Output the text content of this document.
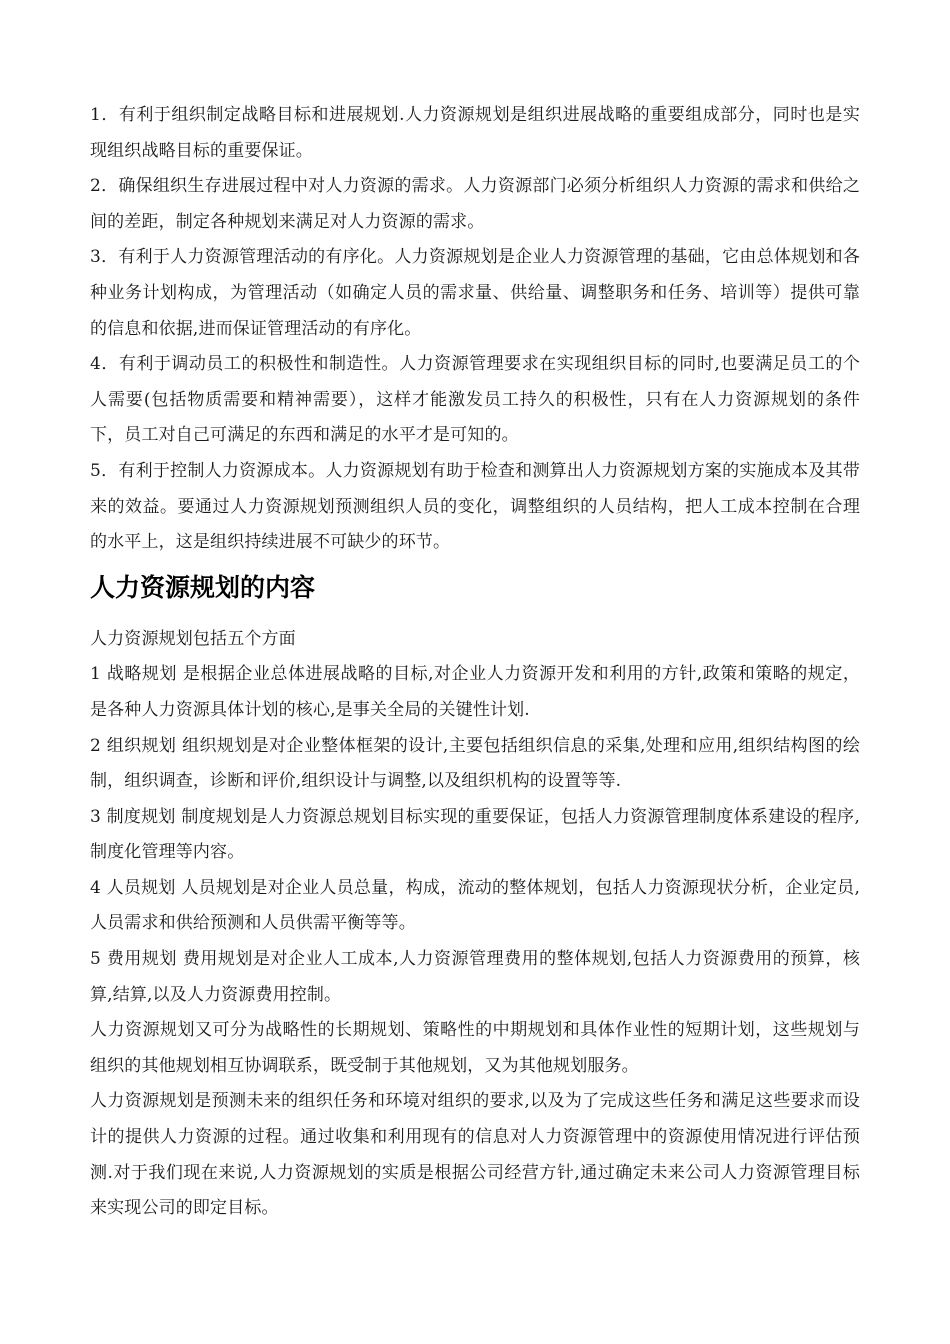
1．有利于组织制定战略目标和进展规划.人力资源规划是组织进展战略的重要组成部分，同时也是实现组织战略目标的重要保证。

2．确保组织生存进展过程中对人力资源的需求。人力资源部门必须分析组织人力资源的需求和供给之间的差距，制定各种规划来满足对人力资源的需求。

3．有利于人力资源管理活动的有序化。人力资源规划是企业人力资源管理的基础，它由总体规划和各种业务计划构成，为管理活动（如确定人员的需求量、供给量、调整职务和任务、培训等）提供可靠的信息和依据,进而保证管理活动的有序化。

4．有利于调动员工的积极性和制造性。人力资源管理要求在实现组织目标的同时,也要满足员工的个人需要(包括物质需要和精神需要），这样才能激发员工持久的积极性，只有在人力资源规划的条件下，员工对自己可满足的东西和满足的水平才是可知的。

5．有利于控制人力资源成本。人力资源规划有助于检查和测算出人力资源规划方案的实施成本及其带来的效益。要通过人力资源规划预测组织人员的变化，调整组织的人员结构，把人工成本控制在合理的水平上，这是组织持续进展不可缺少的环节。

人力资源规划的内容

人力资源规划包括五个方面

1 战略规划 是根据企业总体进展战略的目标,对企业人力资源开发和利用的方针,政策和策略的规定，是各种人力资源具体计划的核心,是事关全局的关键性计划.

2 组织规划 组织规划是对企业整体框架的设计,主要包括组织信息的采集,处理和应用,组织结构图的绘制，组织调查，诊断和评价,组织设计与调整,以及组织机构的设置等等.

3 制度规划 制度规划是人力资源总规划目标实现的重要保证，包括人力资源管理制度体系建设的程序,制度化管理等内容。

4 人员规划 人员规划是对企业人员总量，构成，流动的整体规划，包括人力资源现状分析，企业定员,人员需求和供给预测和人员供需平衡等等。

5 费用规划 费用规划是对企业人工成本,人力资源管理费用的整体规划,包括人力资源费用的预算，核算,结算,以及人力资源费用控制。

人力资源规划又可分为战略性的长期规划、策略性的中期规划和具体作业性的短期计划，这些规划与组织的其他规划相互协调联系，既受制于其他规划，又为其他规划服务。

人力资源规划是预测未来的组织任务和环境对组织的要求,以及为了完成这些任务和满足这些要求而设计的提供人力资源的过程。通过收集和利用现有的信息对人力资源管理中的资源使用情况进行评估预测.对于我们现在来说,人力资源规划的实质是根据公司经营方针,通过确定未来公司人力资源管理目标来实现公司的即定目标。
